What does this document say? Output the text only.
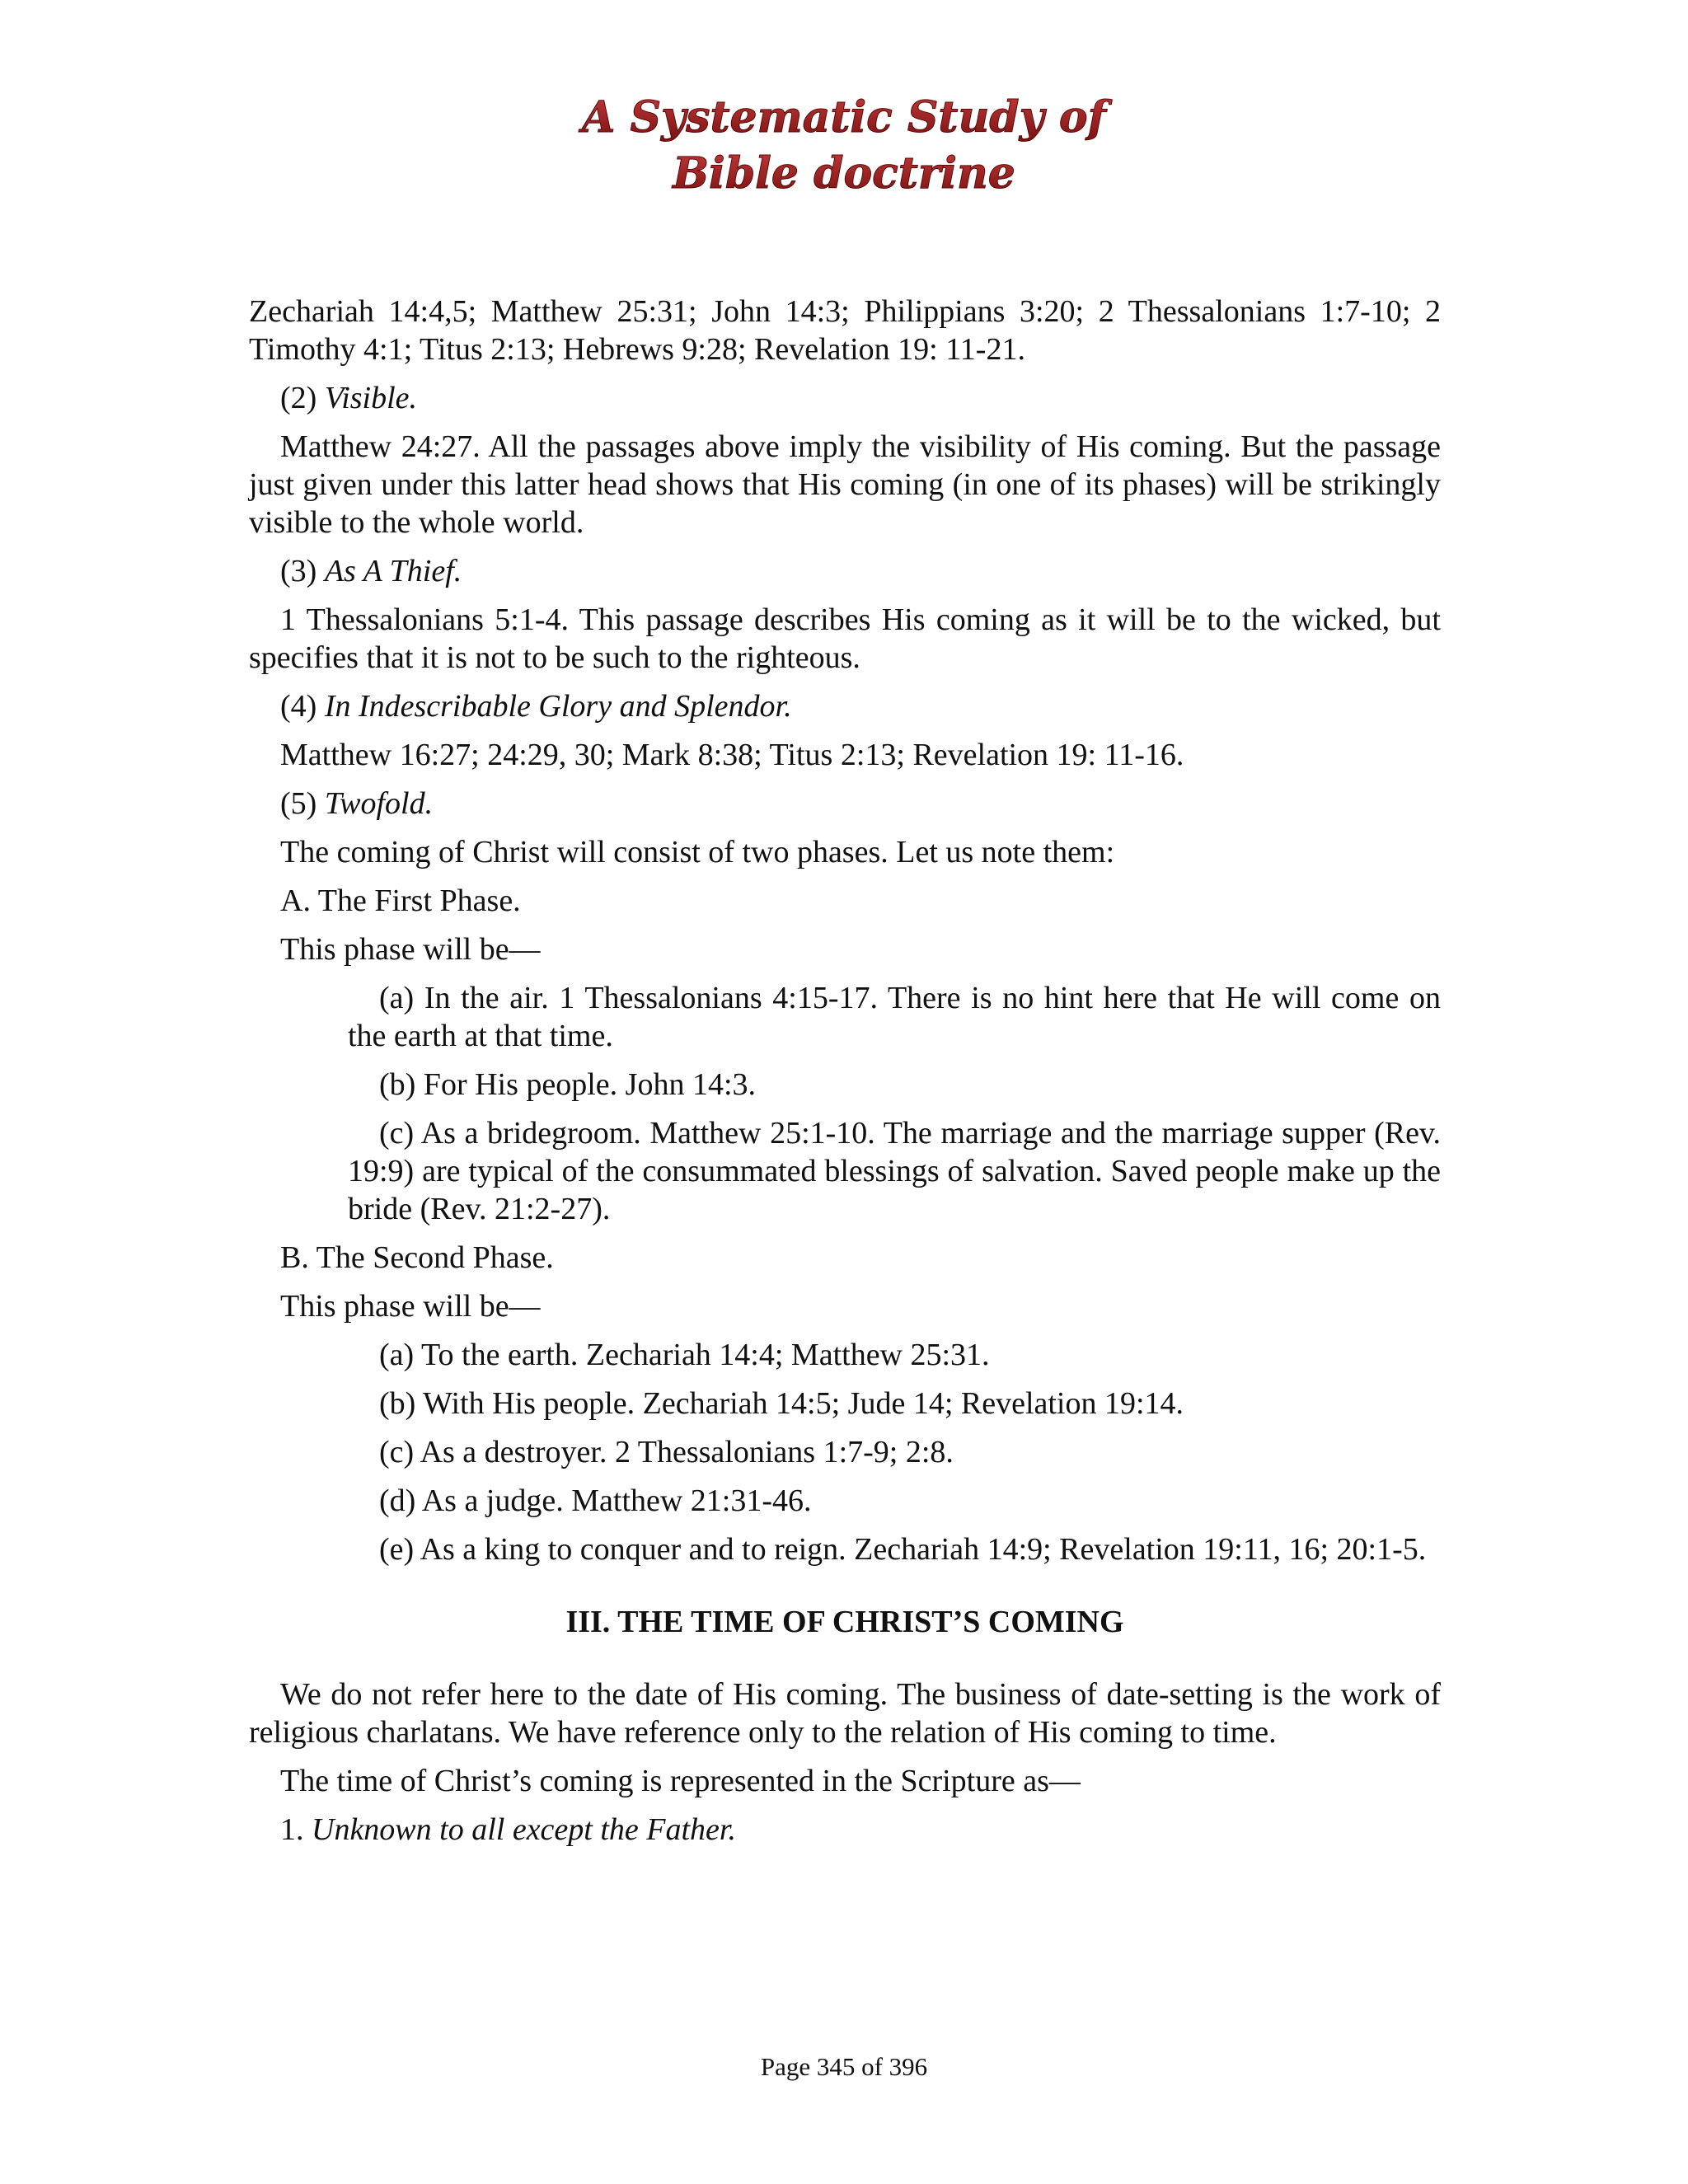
A Systematic Study of
Bible doctrine

Zechariah 14:4,5; Matthew 25:31; John 14:3; Philippians 3:20; 2 Thessalonians 1:7-10; 2 Timothy 4:1; Titus 2:13; Hebrews 9:28; Revelation 19: 11-21.

(2) Visible.

Matthew 24:27. All the passages above imply the visibility of His coming. But the passage just given under this latter head shows that His coming (in one of its phases) will be strikingly visible to the whole world.

(3) As A Thief.

1 Thessalonians 5:1-4. This passage describes His coming as it will be to the wicked, but specifies that it is not to be such to the righteous.

(4) In Indescribable Glory and Splendor.

Matthew 16:27; 24:29, 30; Mark 8:38; Titus 2:13; Revelation 19: 11-16.

(5) Twofold.

The coming of Christ will consist of two phases. Let us note them:

A. The First Phase.

This phase will be—

(a) In the air. 1 Thessalonians 4:15-17. There is no hint here that He will come on the earth at that time.

(b) For His people. John 14:3.

(c) As a bridegroom. Matthew 25:1-10. The marriage and the marriage supper (Rev. 19:9) are typical of the consummated blessings of salvation. Saved people make up the bride (Rev. 21:2-27).

B. The Second Phase.

This phase will be—

(a) To the earth. Zechariah 14:4; Matthew 25:31.

(b) With His people. Zechariah 14:5; Jude 14; Revelation 19:14.

(c) As a destroyer. 2 Thessalonians 1:7-9; 2:8.

(d) As a judge. Matthew 21:31-46.

(e) As a king to conquer and to reign. Zechariah 14:9; Revelation 19:11, 16; 20:1-5.

III. THE TIME OF CHRIST’S COMING

We do not refer here to the date of His coming. The business of date-setting is the work of religious charlatans. We have reference only to the relation of His coming to time.

The time of Christ’s coming is represented in the Scripture as—

1. Unknown to all except the Father.

Page 345 of 396
